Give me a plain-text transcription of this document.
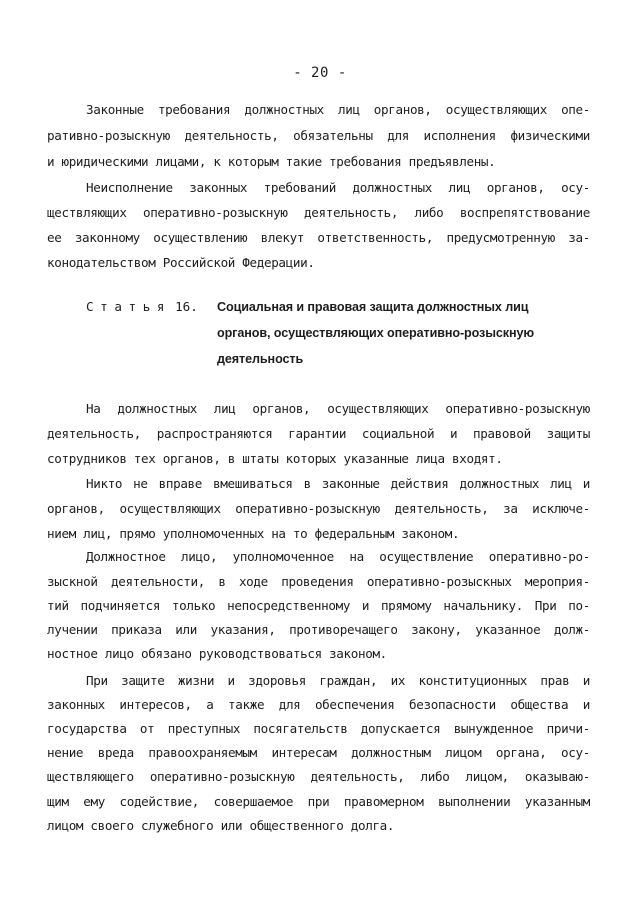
- 20 -
Законные требования должностных лиц органов, осуществляющих опе-
ративно-розыскную деятельность, обязательны для исполнения физическими
и юридическими лицами, к которым такие требования предъявлены.
Неисполнение законных требований должностных лиц органов, осу-
ществляющих оперативно-розыскную деятельность, либо воспрепятствование
ее законному осуществлению влекут ответственность, предусмотренную за-
конодательством Российской Федерации.
Статья 16. Социальная и правовая защита должностных лиц
органов, осуществляющих оперативно-розыскную
деятельность
На должностных лиц органов, осуществляющих оперативно-розыскную
деятельность, распространяются гарантии социальной и правовой защиты
сотрудников тех органов, в штаты которых указанные лица входят.
Никто не вправе вмешиваться в законные действия должностных лиц и
органов, осуществляющих оперативно-розыскную деятельность, за исключе-
нием лиц, прямо уполномоченных на то федеральным законом.
Должностное лицо, уполномоченное на осуществление оперативно-ро-
зыскной деятельности, в ходе проведения оперативно-розыскных мероприя-
тий подчиняется только непосредственному и прямому начальнику. При по-
лучении приказа или указания, противоречащего закону, указанное долж-
ностное лицо обязано руководствоваться законом.
При защите жизни и здоровья граждан, их конституционных прав и
законных интересов, а также для обеспечения безопасности общества и
государства от преступных посягательств допускается вынужденное причи-
нение вреда правоохраняемым интересам должностным лицом органа, осу-
ществляющего оперативно-розыскную деятельность, либо лицом, оказываю-
щим ему содействие, совершаемое при правомерном выполнении указанным
лицом своего служебного или общественного долга.
